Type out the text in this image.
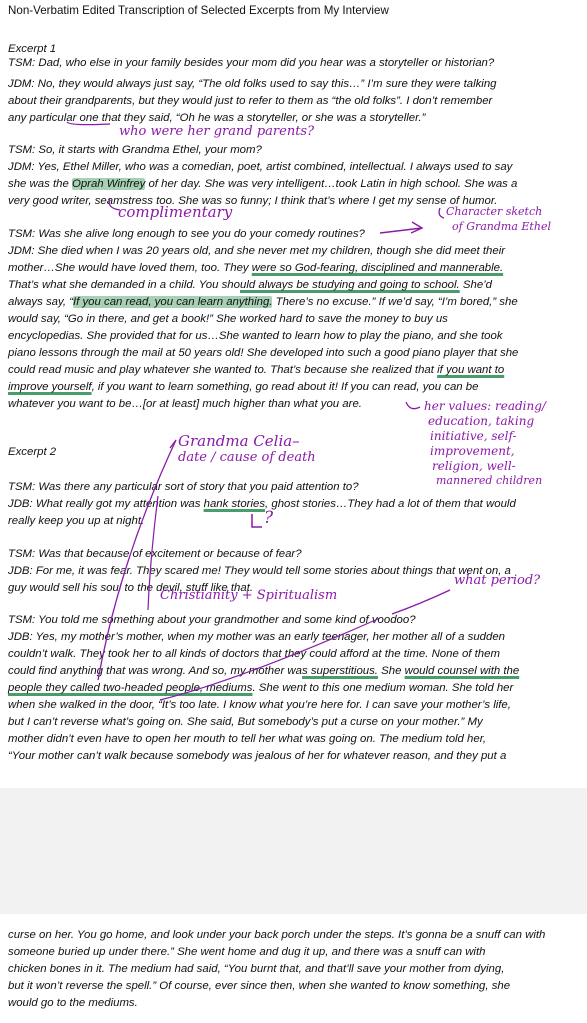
Non-Verbatim Edited Transcription of Selected Excerpts from My Interview
Excerpt 1
TSM: Dad, who else in your family besides your mom did you hear was a storyteller or historian?
JDM: No, they would always just say, “The old folks used to say this…” I’m sure they were talking
about their grandparents, but they would just to refer to them as “the old folks”. I don’t remember
any particular one that they said, “Oh he was a storyteller, or she was a storyteller.”
TSM: So, it starts with Grandma Ethel, your mom?
JDM: Yes, Ethel Miller, who was a comedian, poet, artist combined, intellectual. I always used to say
she was the Oprah Winfrey of her day. She was very intelligent…took Latin in high school. She was a
very good writer, seamstress too. She was so funny; I think that’s where I get my sense of humor.
TSM: Was she alive long enough to see you do your comedy routines?
JDM: She died when I was 20 years old, and she never met my children, though she did meet their
mother…She would have loved them, too. They were so God-fearing, disciplined and mannerable.
That’s what she demanded in a child. You should always be studying and going to school. She’d
always say, “If you can read, you can learn anything. There’s no excuse.” If we’d say, “I’m bored,” she
would say, “Go in there, and get a book!” She worked hard to save the money to buy us
encyclopedias. She provided that for us…She wanted to learn how to play the piano, and she took
piano lessons through the mail at 50 years old! She developed into such a good piano player that she
could read music and play whatever she wanted to. That’s because she realized that if you want to
improve yourself, if you want to learn something, go read about it! If you can read, you can be
whatever you want to be…[or at least] much higher than what you are.
Excerpt 2
TSM: Was there any particular sort of story that you paid attention to?
JDB: What really got my attention was hank stories, ghost stories…They had a lot of them that would
really keep you up at night.
TSM: Was that because of excitement or because of fear?
JDB: For me, it was fear. They scared me! They would tell some stories about things that went on, a
guy would sell his soul to the devil, stuff like that.
TSM: You told me something about your grandmother and some kind of voodoo?
JDB: Yes, my mother’s mother, when my mother was an early teenager, her mother all of a sudden
couldn’t walk. They took her to all kinds of doctors that they could afford at the time. None of them
could find anything that was wrong. And so, my mother was superstitious. She would counsel with the
people they called two-headed people, mediums. She went to this one medium woman. She told her
when she walked in the door, “It’s too late. I know what you’re here for. I can save your mother’s life,
but I can’t reverse what’s going on. She said, But somebody’s put a curse on your mother.” My
mother didn’t even have to open her mouth to tell her what was going on. The medium told her,
“Your mother can’t walk because somebody was jealous of her for whatever reason, and they put a
who were her grand parents?
complimentary	Character sketch
of Grandma Ethel
her values: reading/
education, taking
initiative, self-
improvement,
religion, well-
mannered children
Grandma Celia–
date / cause of death
?
what period?
Christianity + Spiritualism
curse on her. You go home, and look under your back porch under the steps. It’s gonna be a snuff can with
someone buried up under there.” She went home and dug it up, and there was a snuff can with
chicken bones in it. The medium had said, “You burnt that, and that’ll save your mother from dying,
but it won’t reverse the spell.” Of course, ever since then, when she wanted to know something, she
would go to the mediums.
